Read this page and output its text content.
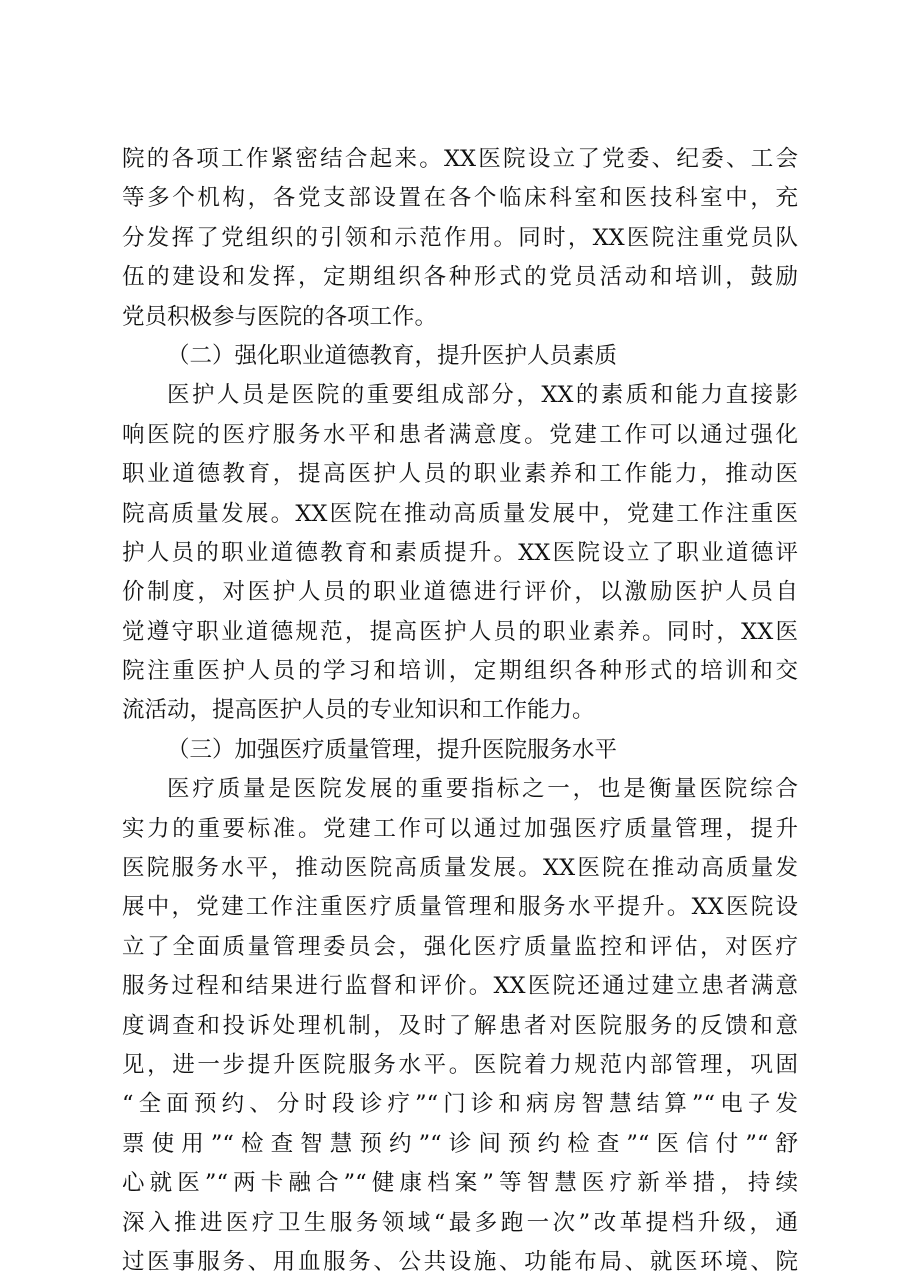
院的各项工作紧密结合起来。XX医院设立了党委、纪委、工会
等多个机构，各党支部设置在各个临床科室和医技科室中，充
分发挥了党组织的引领和示范作用。同时，XX医院注重党员队
伍的建设和发挥，定期组织各种形式的党员活动和培训，鼓励
党员积极参与医院的各项工作。
（二）强化职业道德教育，提升医护人员素质
医护人员是医院的重要组成部分，XX的素质和能力直接影
响医院的医疗服务水平和患者满意度。党建工作可以通过强化
职业道德教育，提高医护人员的职业素养和工作能力，推动医
院高质量发展。XX医院在推动高质量发展中，党建工作注重医
护人员的职业道德教育和素质提升。XX医院设立了职业道德评
价制度，对医护人员的职业道德进行评价，以激励医护人员自
觉遵守职业道德规范，提高医护人员的职业素养。同时，XX医
院注重医护人员的学习和培训，定期组织各种形式的培训和交
流活动，提高医护人员的专业知识和工作能力。
（三）加强医疗质量管理，提升医院服务水平
医疗质量是医院发展的重要指标之一，也是衡量医院综合
实力的重要标准。党建工作可以通过加强医疗质量管理，提升
医院服务水平，推动医院高质量发展。XX医院在推动高质量发
展中，党建工作注重医疗质量管理和服务水平提升。XX医院设
立了全面质量管理委员会，强化医疗质量监控和评估，对医疗
服务过程和结果进行监督和评价。XX医院还通过建立患者满意
度调查和投诉处理机制，及时了解患者对医院服务的反馈和意
见，进一步提升医院服务水平。医院着力规范内部管理，巩固
“全面预约、分时段诊疗”“门诊和病房智慧结算”“电子发
票使用”“检查智慧预约”“诊间预约检查”“医信付”“舒
心就医”“两卡融合”“健康档案”等智慧医疗新举措，持续
深入推进医疗卫生服务领域“最多跑一次”改革提档升级，通
过医事服务、用血服务、公共设施、功能布局、就医环境、院
